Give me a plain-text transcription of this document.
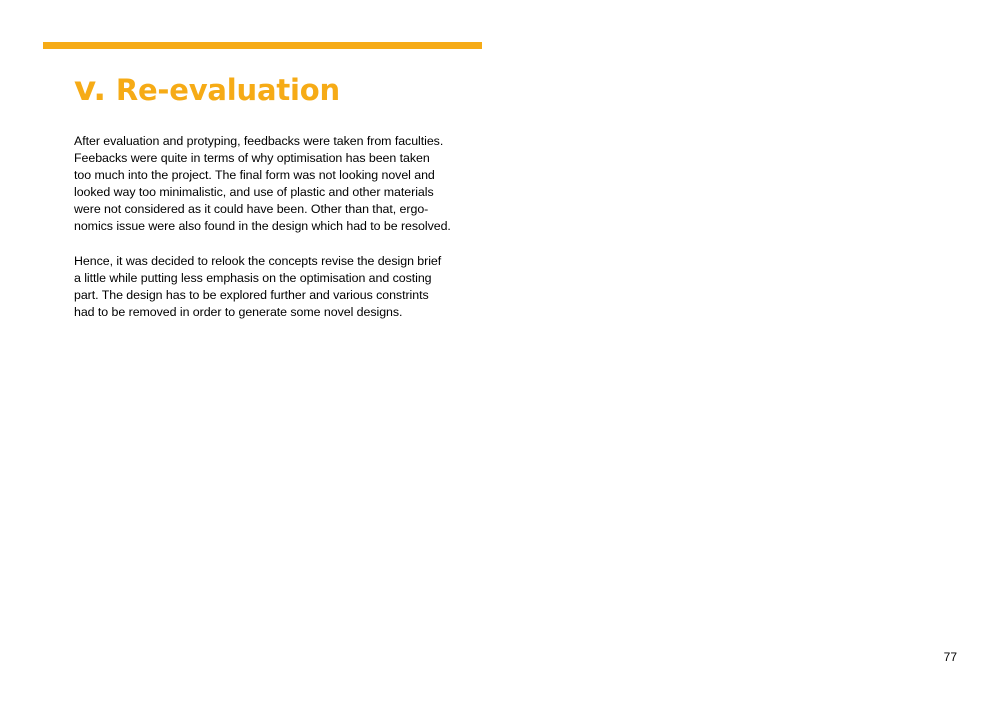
v. Re-evaluation
After evaluation and protyping, feedbacks were taken from faculties.
Feebacks were quite in terms of why optimisation has been taken
too much into the project. The final form was not looking novel and
looked way too minimalistic, and use of plastic and other materials
were not considered as it could have been. Other than that, ergo-
nomics issue were also found in the design which had to be resolved.
Hence, it was decided to relook the concepts revise the design brief
a little while putting less emphasis on the optimisation and costing
part. The design has to be explored further and various constrints
had to be removed in order to generate some novel designs.
77
